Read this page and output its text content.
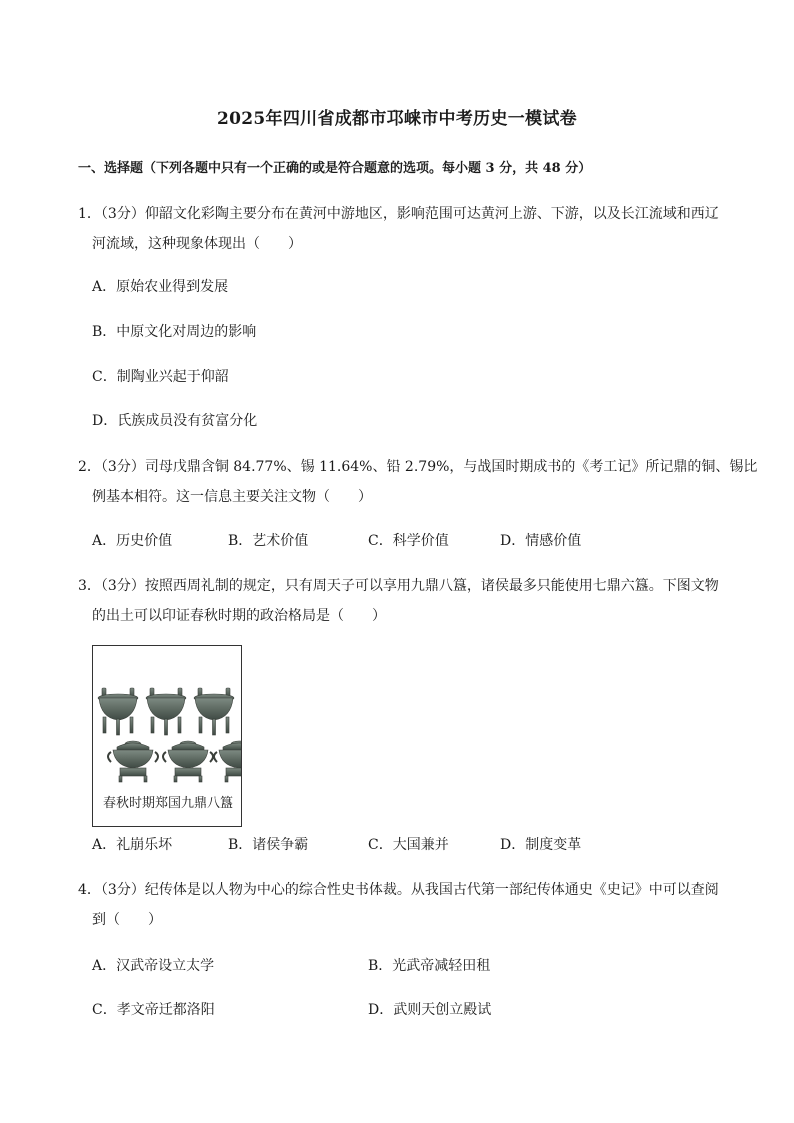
2025年四川省成都市邛崃市中考历史一模试卷
一、选择题（下列各题中只有一个正确的或是符合题意的选项。每小题 3 分，共 48 分）
1．（3分）仰韶文化彩陶主要分布在黄河中游地区，影响范围可达黄河上游、下游，以及长江流域和西辽
河流域，这种现象体现出（　　）
A．原始农业得到发展
B．中原文化对周边的影响
C．制陶业兴起于仰韶
D．氏族成员没有贫富分化
2．（3分）司母戊鼎含铜 84.77%、锡 11.64%、铅 2.79%，与战国时期成书的《考工记》所记鼎的铜、锡比
例基本相符。这一信息主要关注文物（　　）
A．历史价值	B．艺术价值	C．科学价值	D．情感价值
3．（3分）按照西周礼制的规定，只有周天子可以享用九鼎八簋，诸侯最多只能使用七鼎六簋。下图文物
的出土可以印证春秋时期的政治格局是（　　）
春秋时期郑国九鼎八簋
A．礼崩乐坏	B．诸侯争霸	C．大国兼并	D．制度变革
4．（3分）纪传体是以人物为中心的综合性史书体裁。从我国古代第一部纪传体通史《史记》中可以查阅
到（　　）
A．汉武帝设立太学	B．光武帝减轻田租
C．孝文帝迁都洛阳	D．武则天创立殿试
